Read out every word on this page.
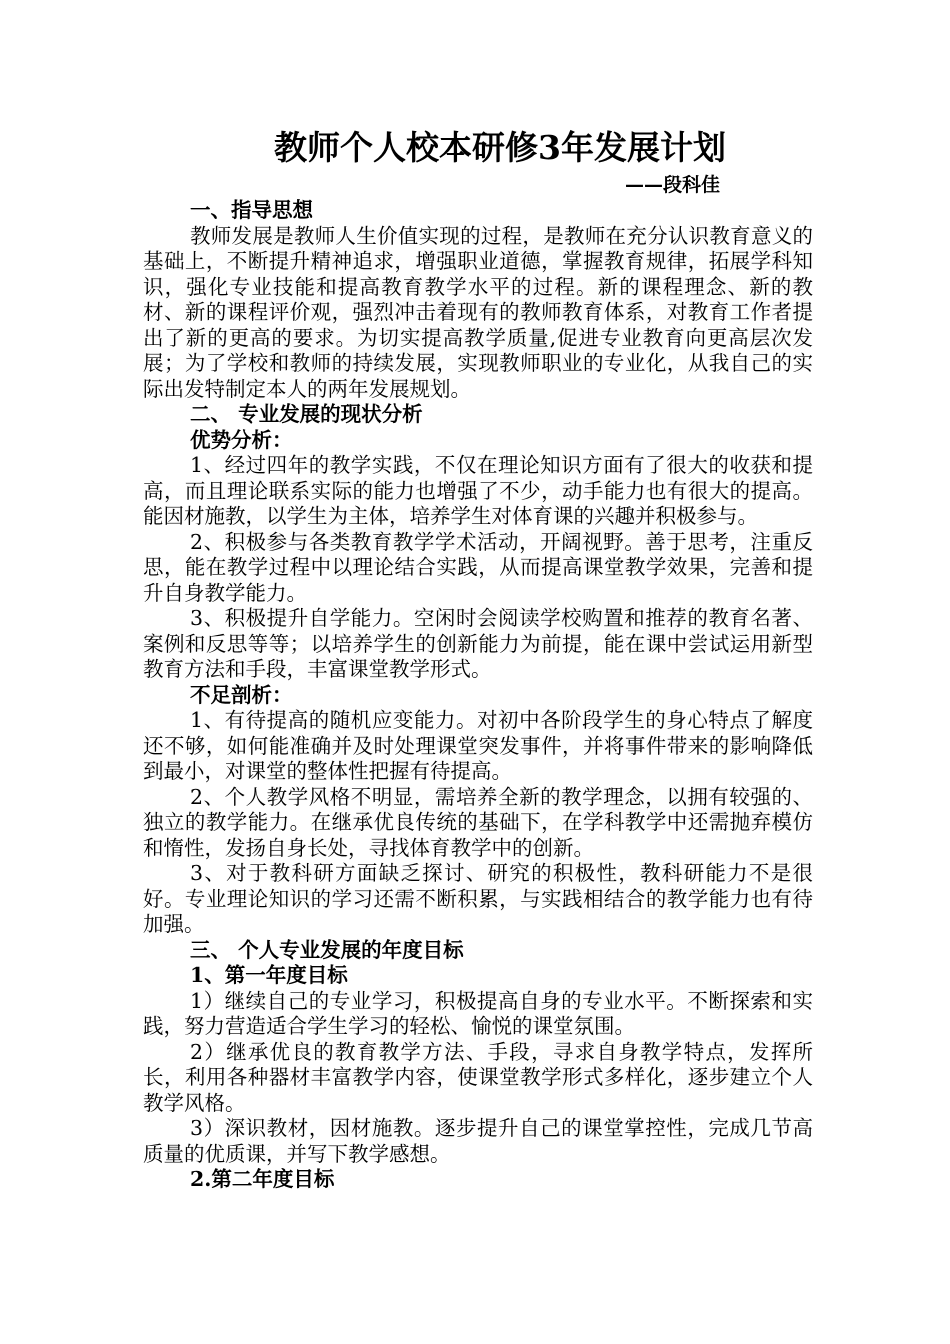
教师个人校本研修3年发展计划
——段科佳

一、指导思想

教师发展是教师人生价值实现的过程，是教师在充分认识教育意义的基础上，不断提升精神追求，增强职业道德，掌握教育规律，拓展学科知识，强化专业技能和提高教育教学水平的过程。新的课程理念、新的教材、新的课程评价观，强烈冲击着现有的教师教育体系，对教育工作者提出了新的更高的要求。为切实提高教学质量,促进专业教育向更高层次发展；为了学校和教师的持续发展，实现教师职业的专业化，从我自己的实际出发特制定本人的两年发展规划。

二、 专业发展的现状分析

优势分析：

1、经过四年的教学实践，不仅在理论知识方面有了很大的收获和提高，而且理论联系实际的能力也增强了不少，动手能力也有很大的提高。能因材施教，以学生为主体，培养学生对体育课的兴趣并积极参与。

2、积极参与各类教育教学学术活动，开阔视野。善于思考，注重反思，能在教学过程中以理论结合实践，从而提高课堂教学效果，完善和提升自身教学能力。

3、积极提升自学能力。空闲时会阅读学校购置和推荐的教育名著、案例和反思等等；以培养学生的创新能力为前提，能在课中尝试运用新型教育方法和手段，丰富课堂教学形式。

不足剖析：

1、有待提高的随机应变能力。对初中各阶段学生的身心特点了解度还不够，如何能准确并及时处理课堂突发事件，并将事件带来的影响降低到最小，对课堂的整体性把握有待提高。

2、个人教学风格不明显，需培养全新的教学理念，以拥有较强的、独立的教学能力。在继承优良传统的基础下，在学科教学中还需抛弃模仿和惰性，发扬自身长处，寻找体育教学中的创新。

3、对于教科研方面缺乏探讨、研究的积极性，教科研能力不是很好。专业理论知识的学习还需不断积累，与实践相结合的教学能力也有待加强。

三、 个人专业发展的年度目标

1、第一年度目标

1）继续自己的专业学习，积极提高自身的专业水平。不断探索和实践，努力营造适合学生学习的轻松、愉悦的课堂氛围。

2）继承优良的教育教学方法、手段，寻求自身教学特点，发挥所长，利用各种器材丰富教学内容，使课堂教学形式多样化，逐步建立个人教学风格。

3）深识教材，因材施教。逐步提升自己的课堂掌控性，完成几节高质量的优质课，并写下教学感想。

2.第二年度目标
